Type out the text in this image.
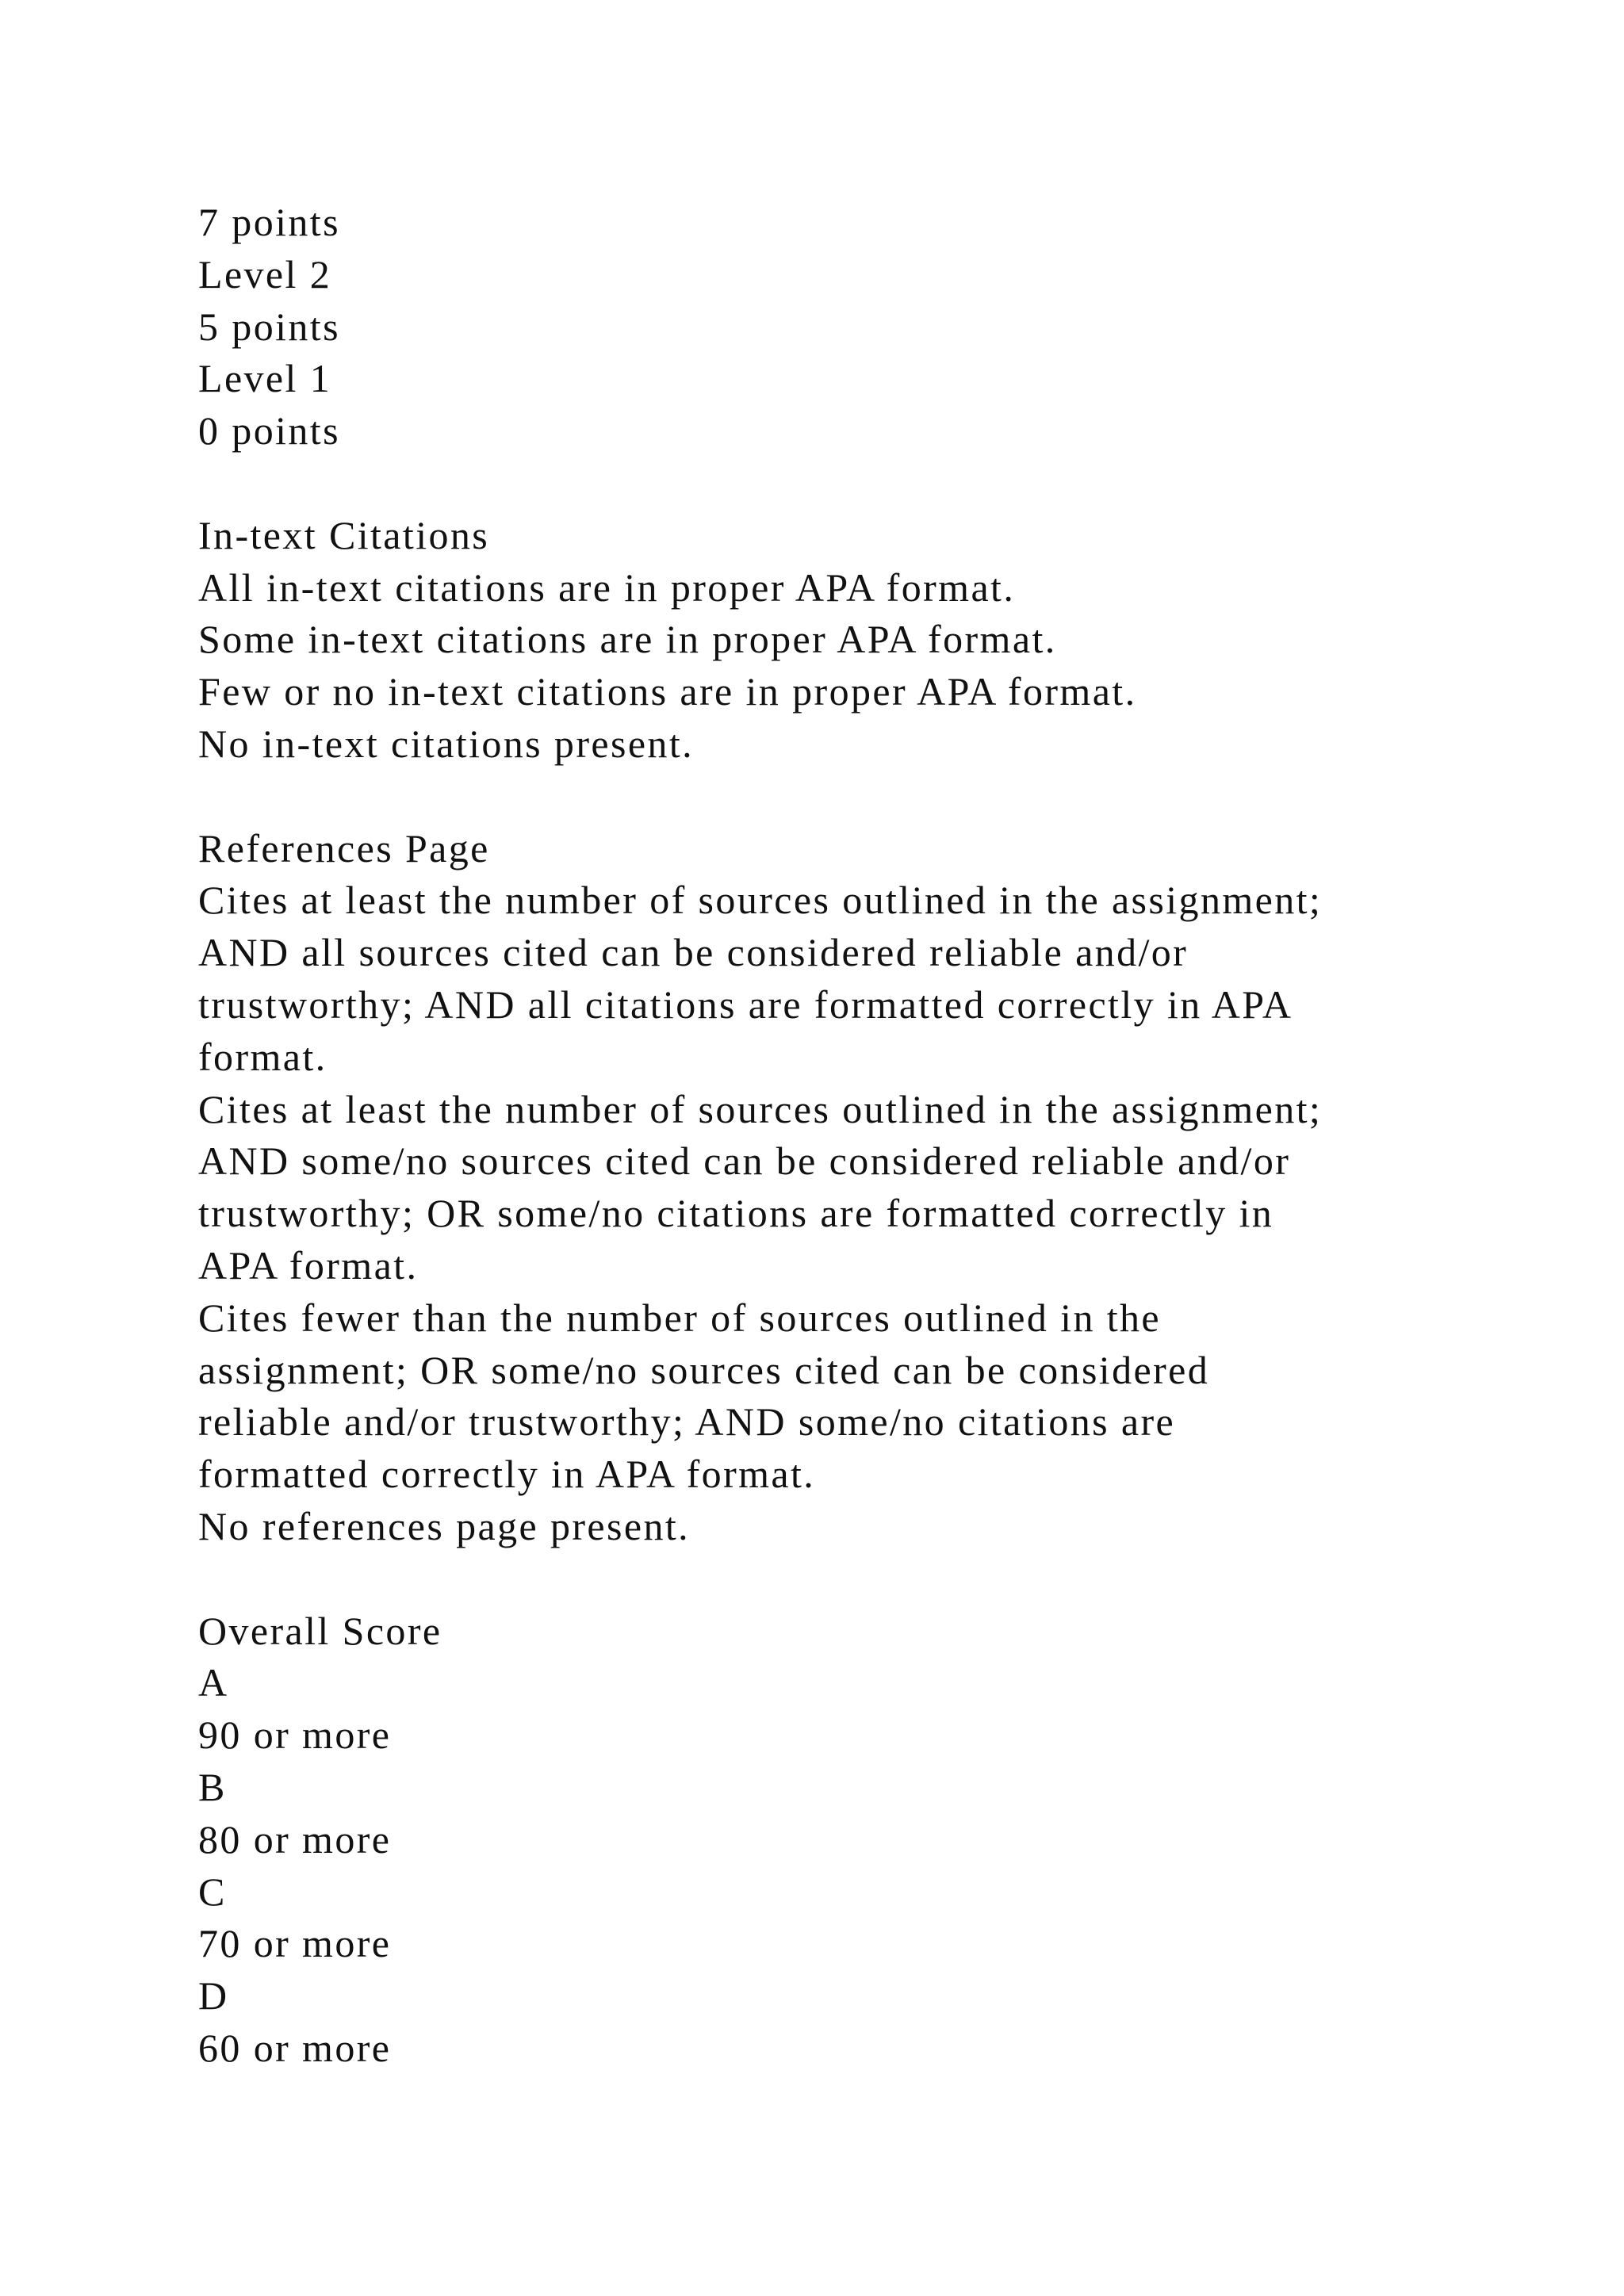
7 points
Level 2
5 points
Level 1
0 points
In-text Citations
All in-text citations are in proper APA format.
Some in-text citations are in proper APA format.
Few or no in-text citations are in proper APA format.
No in-text citations present.
References Page
Cites at least the number of sources outlined in the assignment;
AND all sources cited can be considered reliable and/or
trustworthy; AND all citations are formatted correctly in APA
format.
Cites at least the number of sources outlined in the assignment;
AND some/no sources cited can be considered reliable and/or
trustworthy; OR some/no citations are formatted correctly in
APA format.
Cites fewer than the number of sources outlined in the
assignment; OR some/no sources cited can be considered
reliable and/or trustworthy; AND some/no citations are
formatted correctly in APA format.
No references page present.
Overall Score
A
90 or more
B
80 or more
C
70 or more
D
60 or more
